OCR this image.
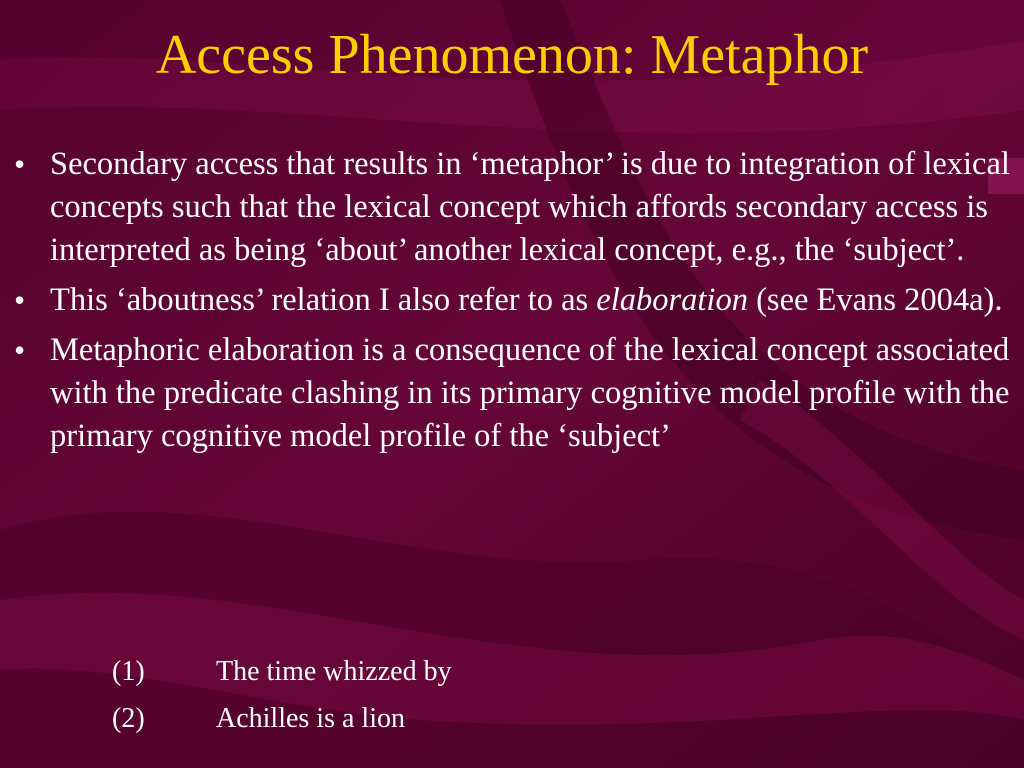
Access Phenomenon: Metaphor
• Secondary access that results in ‘metaphor’ is due to integration of lexical concepts such that the lexical concept which affords secondary access is interpreted as being ‘about’ another lexical concept, e.g., the ‘subject’.
• This ‘aboutness’ relation I also refer to as elaboration (see Evans 2004a).
• Metaphoric elaboration is a consequence of the lexical concept associated with the predicate clashing in its primary cognitive model profile with the primary cognitive model profile of the ‘subject’
(1)	The time whizzed by
(2)	Achilles is a lion
